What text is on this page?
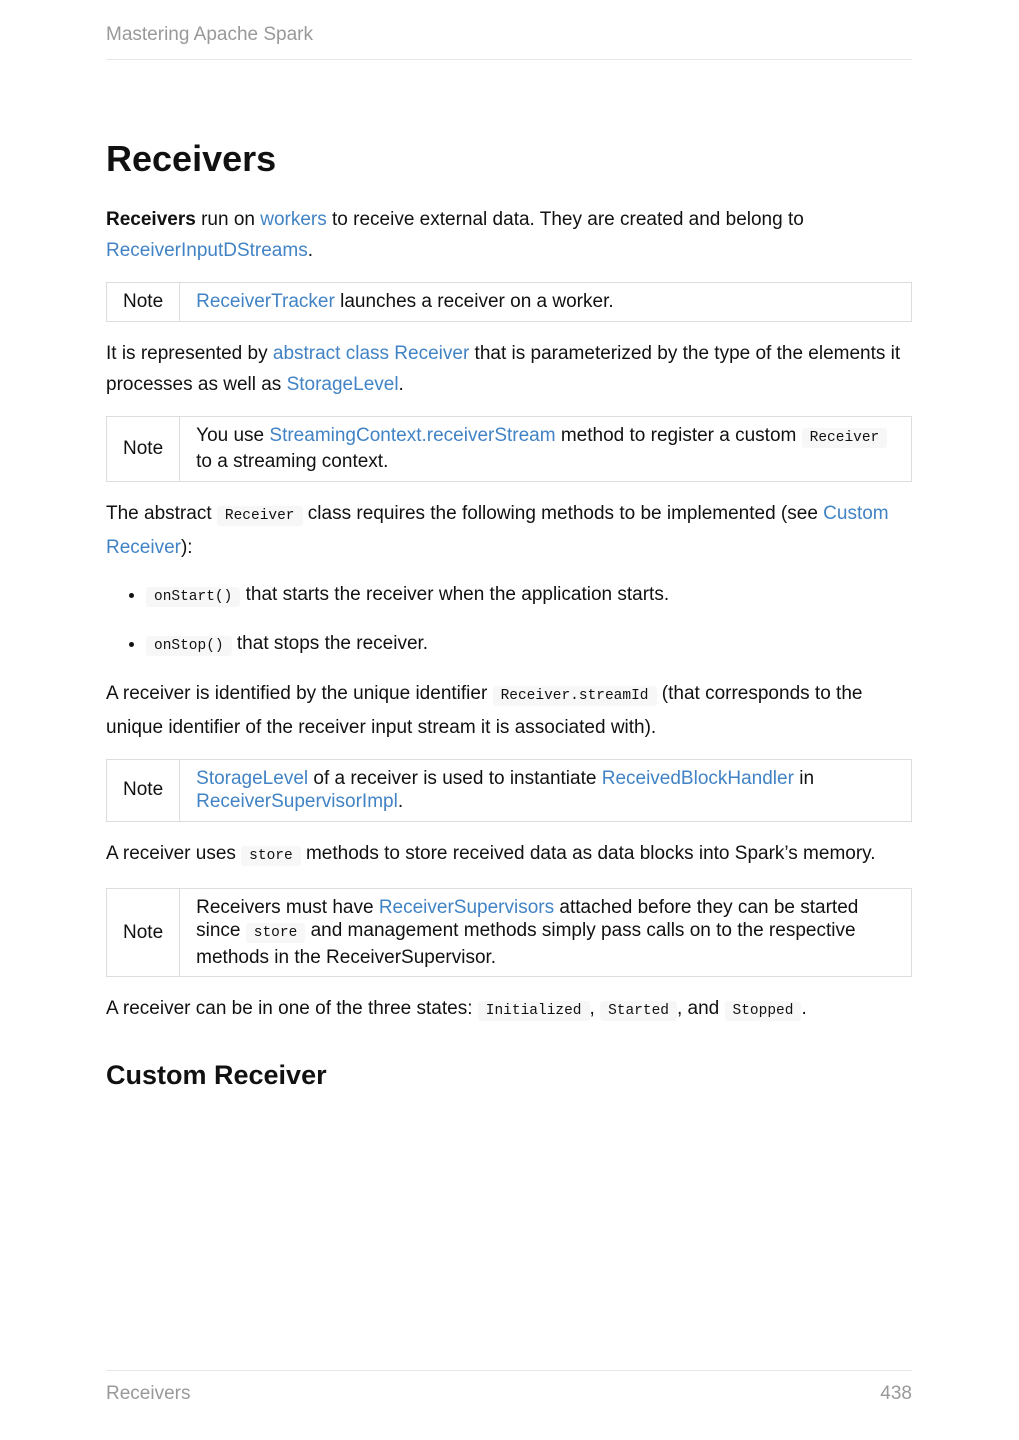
Mastering Apache Spark
Receivers

Receivers run on workers to receive external data. They are created and belong to ReceiverInputDStreams.

Note	ReceiverTracker launches a receiver on a worker.

It is represented by abstract class Receiver that is parameterized by the type of the elements it processes as well as StorageLevel.

Note
You use StreamingContext.receiverStream method to register a custom Receiver to a streaming context.

The abstract Receiver class requires the following methods to be implemented (see Custom Receiver):

• onStart() that starts the receiver when the application starts.
• onStop() that stops the receiver.

A receiver is identified by the unique identifier Receiver.streamId (that corresponds to the unique identifier of the receiver input stream it is associated with).

Note
StorageLevel of a receiver is used to instantiate ReceivedBlockHandler in ReceiverSupervisorImpl.

A receiver uses store methods to store received data as data blocks into Spark’s memory.

Note
Receivers must have ReceiverSupervisors attached before they can be started since store and management methods simply pass calls on to the respective methods in the ReceiverSupervisor.

A receiver can be in one of the three states: Initialized , Started , and Stopped .

Custom Receiver
Receivers	438
